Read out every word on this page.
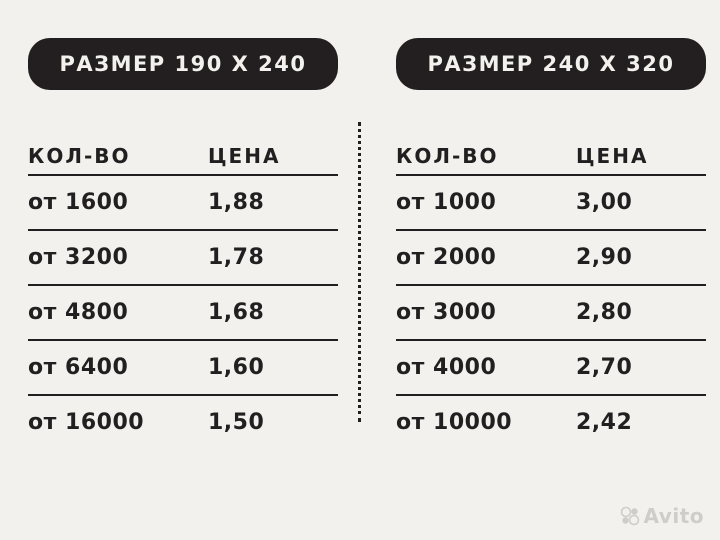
РАЗМЕР 190 X 240
КОЛ-ВО	ЦЕНА
от 1600	1,88
от 3200	1,78
от 4800	1,68
от 6400	1,60
от 16000	1,50
РАЗМЕР 240 X 320
КОЛ-ВО	ЦЕНА
от 1000	3,00
от 2000	2,90
от 3000	2,80
от 4000	2,70
от 10000	2,42
Avito
